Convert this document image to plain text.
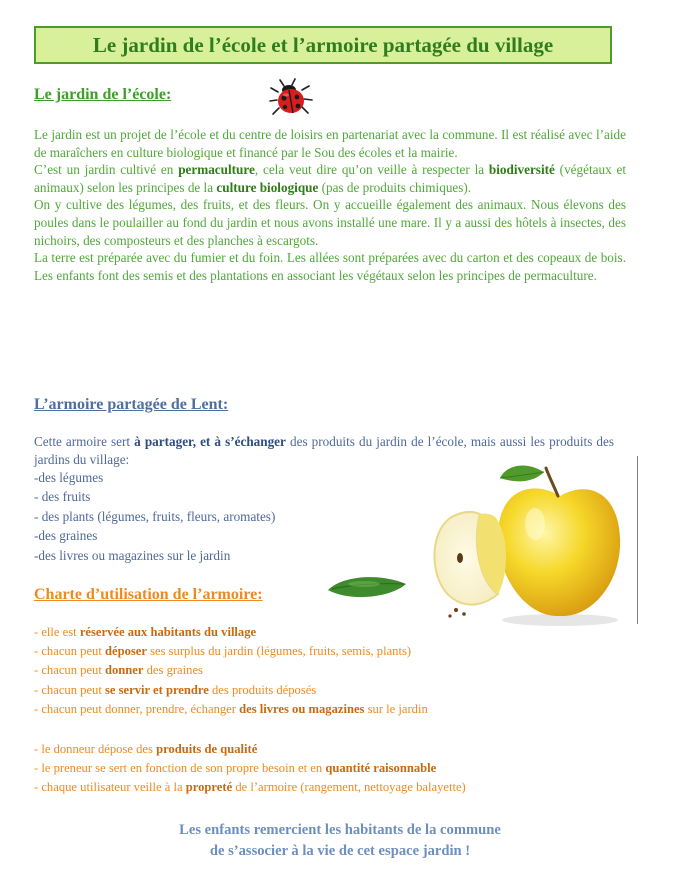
Le jardin de l’école et l’armoire partagée du village
Le jardin de l’école:
Le jardin est un projet de l’école et du centre de loisirs en partenariat avec la commune. Il est réalisé avec l’aide de maraîchers en culture biologique et financé par le Sou des écoles et la mairie.
C’est un jardin cultivé en permaculture, cela veut dire qu’on veille à respecter la biodiversité (végétaux et animaux) selon les principes de la culture biologique (pas de produits chimiques).
On y cultive des légumes, des fruits, et des fleurs. On y accueille également des animaux. Nous élevons des poules dans le poulailler au fond du jardin et nous avons installé une mare. Il y a aussi des hôtels à insectes, des nichoirs, des composteurs et des planches à escargots.
La terre est préparée avec du fumier et du foin. Les allées sont préparées avec du carton et des copeaux de bois. Les enfants font des semis et des plantations en associant les végétaux selon les principes de permaculture.
L’armoire partagée de Lent:
Cette armoire sert à partager, et à s’échanger des produits du jardin de l’école, mais aussi les produits des jardins du village:
-des légumes
- des fruits
- des plants (légumes, fruits, fleurs, aromates)
-des graines
-des livres ou magazines sur le jardin
Charte d’utilisation de l’armoire:
- elle est réservée aux habitants du village
- chacun peut déposer ses surplus du jardin (légumes, fruits, semis, plants)
- chacun peut donner des graines
- chacun peut se servir et prendre des produits déposés
- chacun peut donner, prendre, échanger des livres ou magazines sur le jardin
- le donneur dépose des produits de qualité
- le preneur se sert en fonction de son propre besoin et en quantité raisonnable
- chaque utilisateur veille à la propreté de l’armoire (rangement, nettoyage balayette)
Les enfants remercient les habitants de la commune
de s’associer à la vie de cet espace jardin !
